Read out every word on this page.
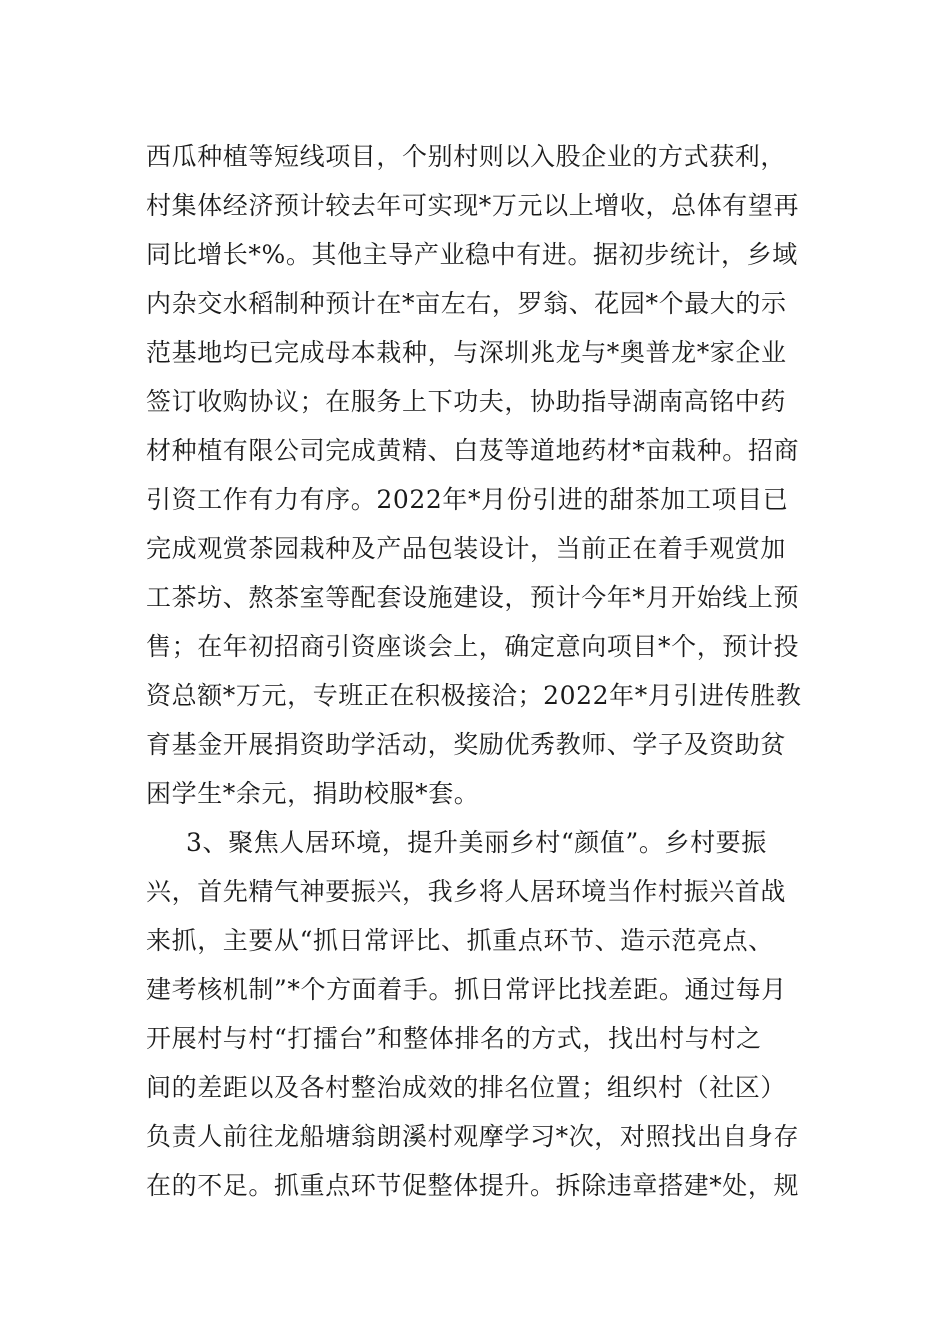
西瓜种植等短线项目，个别村则以入股企业的方式获利，
村集体经济预计较去年可实现*万元以上增收，总体有望再
同比增长*%。其他主导产业稳中有进。据初步统计，乡域
内杂交水稻制种预计在*亩左右，罗翁、花园*个最大的示
范基地均已完成母本栽种，与深圳兆龙与*奥普龙*家企业
签订收购协议；在服务上下功夫，协助指导湖南高铭中药
材种植有限公司完成黄精、白芨等道地药材*亩栽种。招商
引资工作有力有序。2022年*月份引进的甜茶加工项目已
完成观赏茶园栽种及产品包装设计，当前正在着手观赏加
工茶坊、熬茶室等配套设施建设，预计今年*月开始线上预
售；在年初招商引资座谈会上，确定意向项目*个，预计投
资总额*万元，专班正在积极接洽；2022年*月引进传胜教
育基金开展捐资助学活动，奖励优秀教师、学子及资助贫
困学生*余元，捐助校服*套。
3、聚焦人居环境，提升美丽乡村“颜值”。乡村要振
兴，首先精气神要振兴，我乡将人居环境当作村振兴首战
来抓，主要从“抓日常评比、抓重点环节、造示范亮点、
建考核机制”*个方面着手。抓日常评比找差距。通过每月
开展村与村“打擂台”和整体排名的方式，找出村与村之
间的差距以及各村整治成效的排名位置；组织村（社区）
负责人前往龙船塘翁朗溪村观摩学习*次，对照找出自身存
在的不足。抓重点环节促整体提升。拆除违章搭建*处，规
